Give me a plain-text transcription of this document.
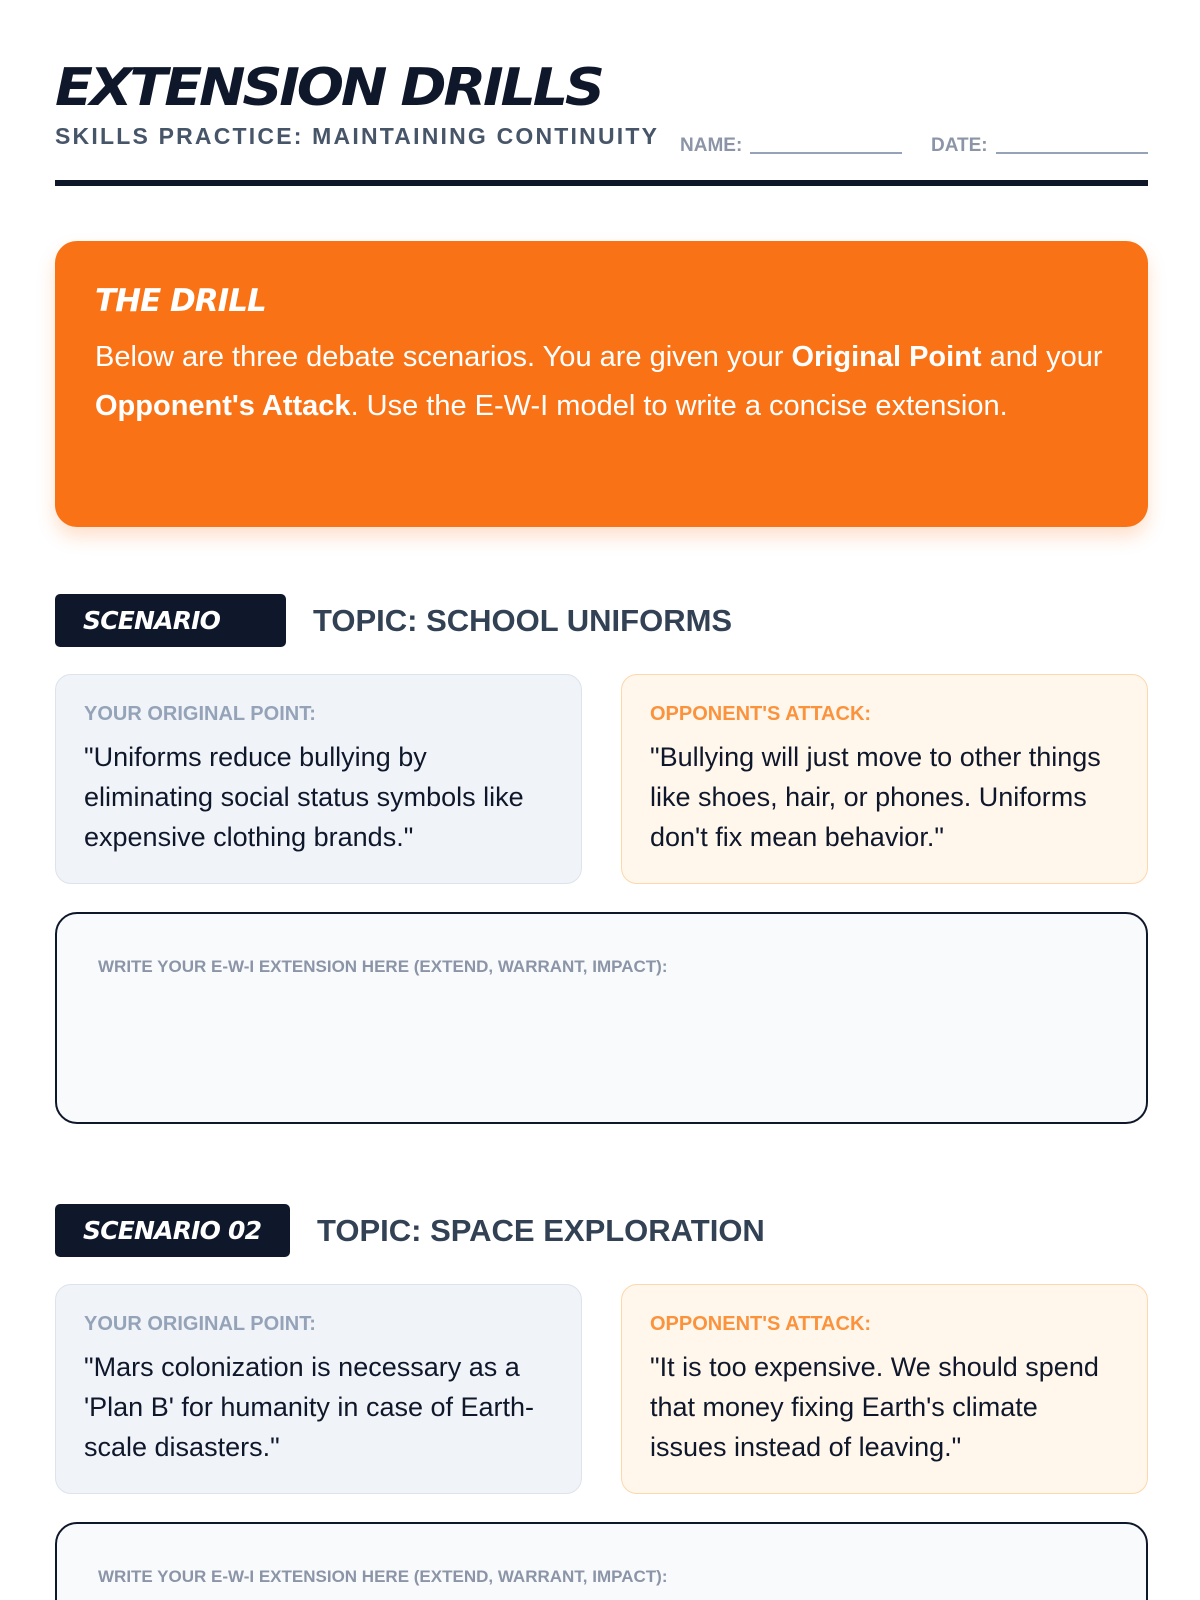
EXTENSION DRILLS
SKILLS PRACTICE: MAINTAINING CONTINUITY NAME:	DATE:
THE DRILL

Below are three debate scenarios. You are given your Original Point and your Opponent's Attack. Use the E-W-I model to write a concise extension.

SCENARIO	TOPIC: SCHOOL UNIFORMS
YOUR ORIGINAL POINT:
"Uniforms reduce bullying by eliminating social status symbols like expensive clothing brands."
OPPONENT'S ATTACK:
"Bullying will just move to other things like shoes, hair, or phones. Uniforms don't fix mean behavior."
WRITE YOUR E-W-I EXTENSION HERE (EXTEND, WARRANT, IMPACT):
SCENARIO 02	TOPIC: SPACE EXPLORATION
YOUR ORIGINAL POINT:
"Mars colonization is necessary as a 'Plan B' for humanity in case of Earth-scale disasters."
OPPONENT'S ATTACK:
"It is too expensive. We should spend that money fixing Earth's climate issues instead of leaving."
WRITE YOUR E-W-I EXTENSION HERE (EXTEND, WARRANT, IMPACT):
